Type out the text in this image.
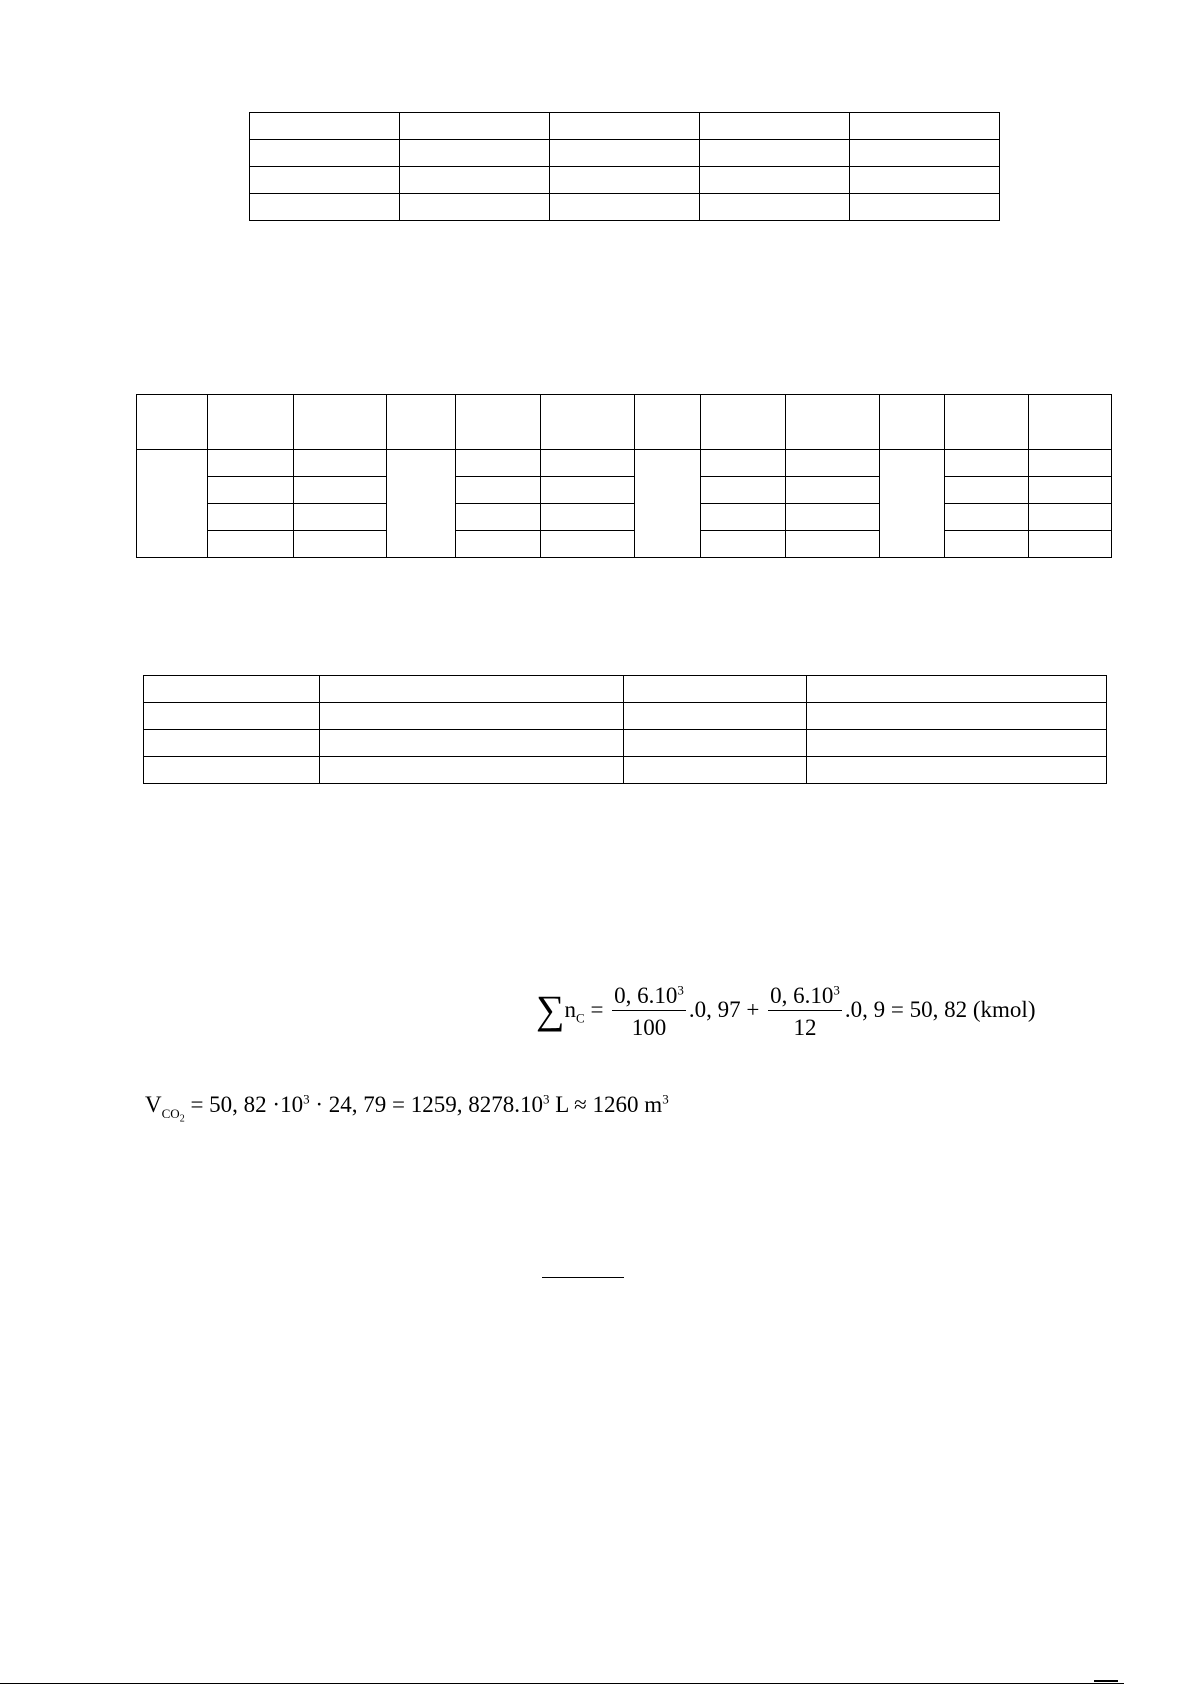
$\sum n_C = \frac{0, 6.10^3}{100} .0$, $97 + \frac{0, 6.10^3}{12} .0$, 9 = 50, 82 (kmol)
$V_{CO_2} = 50$, $82 \cdot 10^3 \cdot 24$, 79 = 1259, 8278.10$^3$ L ≈ 1260 $m^3$
